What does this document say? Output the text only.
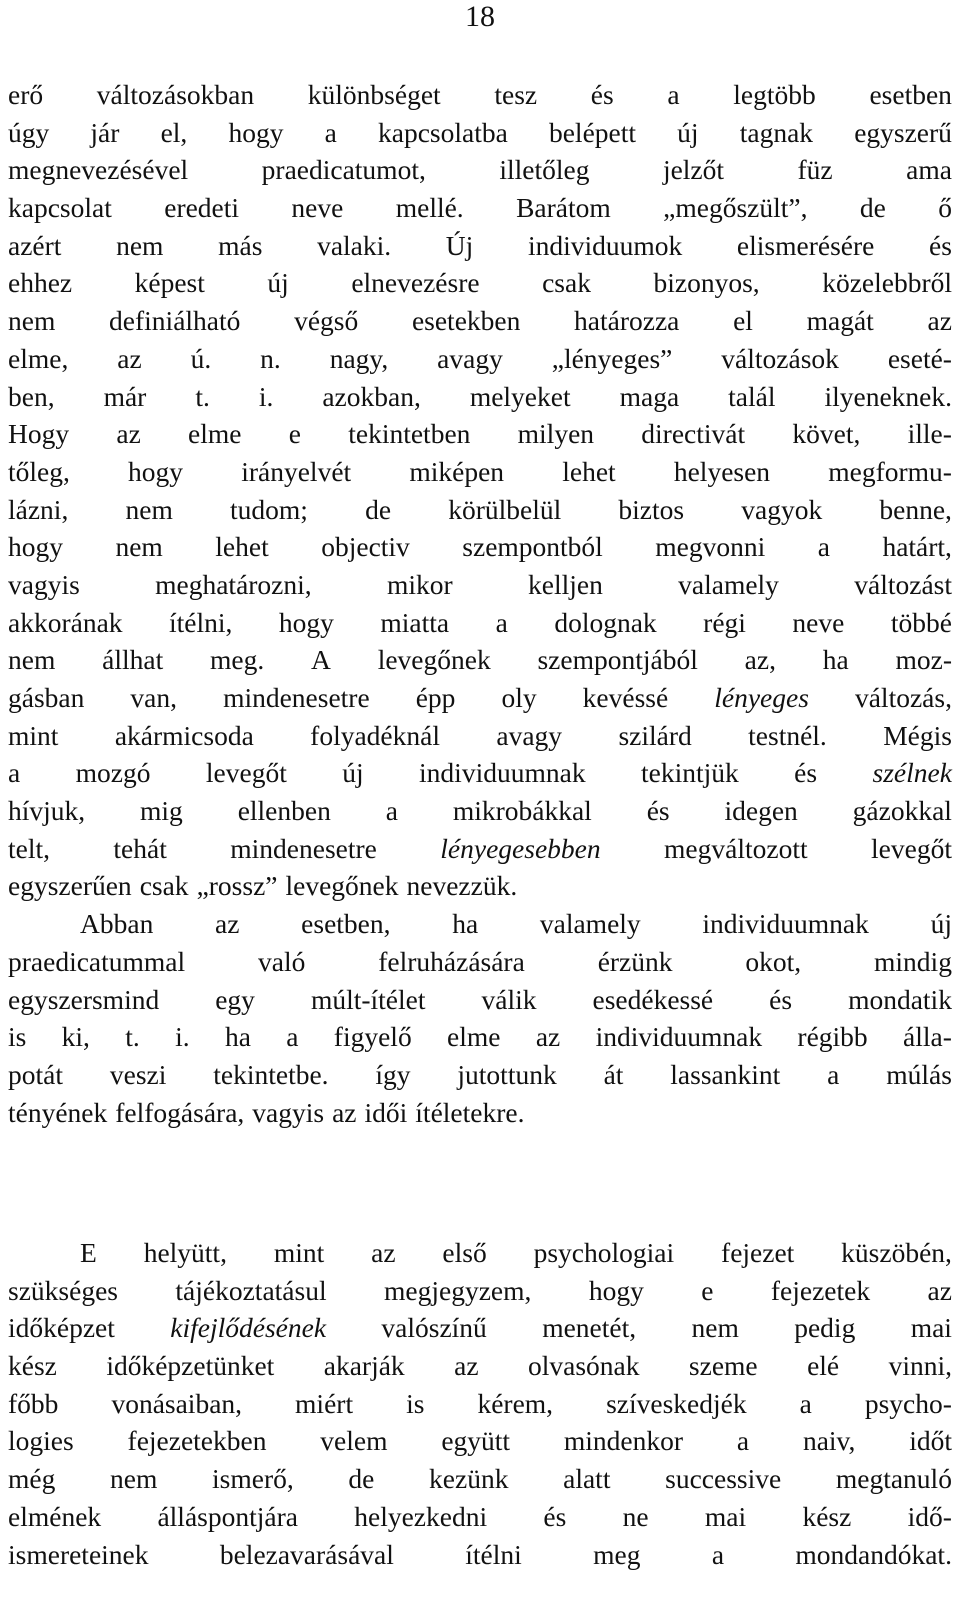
18
erő változásokban különbséget tesz és a legtöbb esetben
úgy jár el, hogy a kapcsolatba belépett új tagnak egyszerű
megnevezésével	praedicatumot,	illetőleg	jelzőt	füz	ama
kapcsolat eredeti neve mellé. Barátom „megőszült”, de ő
azért nem más valaki. Új individuumok elismerésére és
ehhez képest új elnevezésre csak bizonyos, közelebbről
nem definiálható végső esetekben határozza el magát az
elme, az ú. n. nagy, avagy „lényeges” változások eseté-
ben, már t. i. azokban, melyeket maga talál ilyeneknek.
Hogy az elme e tekintetben milyen directivát követ, ille-
tőleg, hogy irányelvét miképen lehet helyesen megformu-
lázni, nem tudom; de körülbelül biztos vagyok benne,
hogy nem lehet objectiv szempontból megvonni a határt,
vagyis	meghatározni,	mikor	kelljen	valamely	változást
akkorának ítélni, hogy miatta a dolognak régi neve többé
nem állhat meg. A levegőnek szempontjából az, ha moz-
gásban van, mindenesetre épp oly kevéssé lényeges változás,
mint akármicsoda folyadéknál avagy szilárd testnél. Mégis
a mozgó levegőt új individuumnak tekintjük és szélnek
hívjuk, mig ellenben a mikrobákkal és idegen gázokkal
telt, tehát mindenesetre lényegesebben megváltozott levegőt
egyszerűen csak „rossz” levegőnek nevezzük.
Abban az esetben, ha valamely individuumnak új
praedicatummal	való	felruházására	érzünk	okot,	mindig
egyszersmind egy múlt-ítélet válik esedékessé és mondatik
is ki, t. i. ha a figyelő elme az individuumnak régibb álla-
potát veszi tekintetbe. így jutottunk át lassankint a múlás
tényének felfogására, vagyis az idői ítéletekre.
E helyütt, mint az első psychologiai fejezet küszöbén,
szükséges tájékoztatásul megjegyzem, hogy e fejezetek az
időképzet kifejlődésének valószínű menetét, nem pedig mai
kész időképzetünket akarják az olvasónak szeme elé vinni,
főbb vonásaiban, miért is kérem, szíveskedjék a psycho-
logies fejezetekben velem együtt mindenkor a naiv, időt
még nem ismerő, de kezünk alatt successive megtanuló
elmének álláspontjára helyezkedni és ne mai kész idő-
ismereteinek	belezavarásával	ítélni	meg	a	mondandókat.
